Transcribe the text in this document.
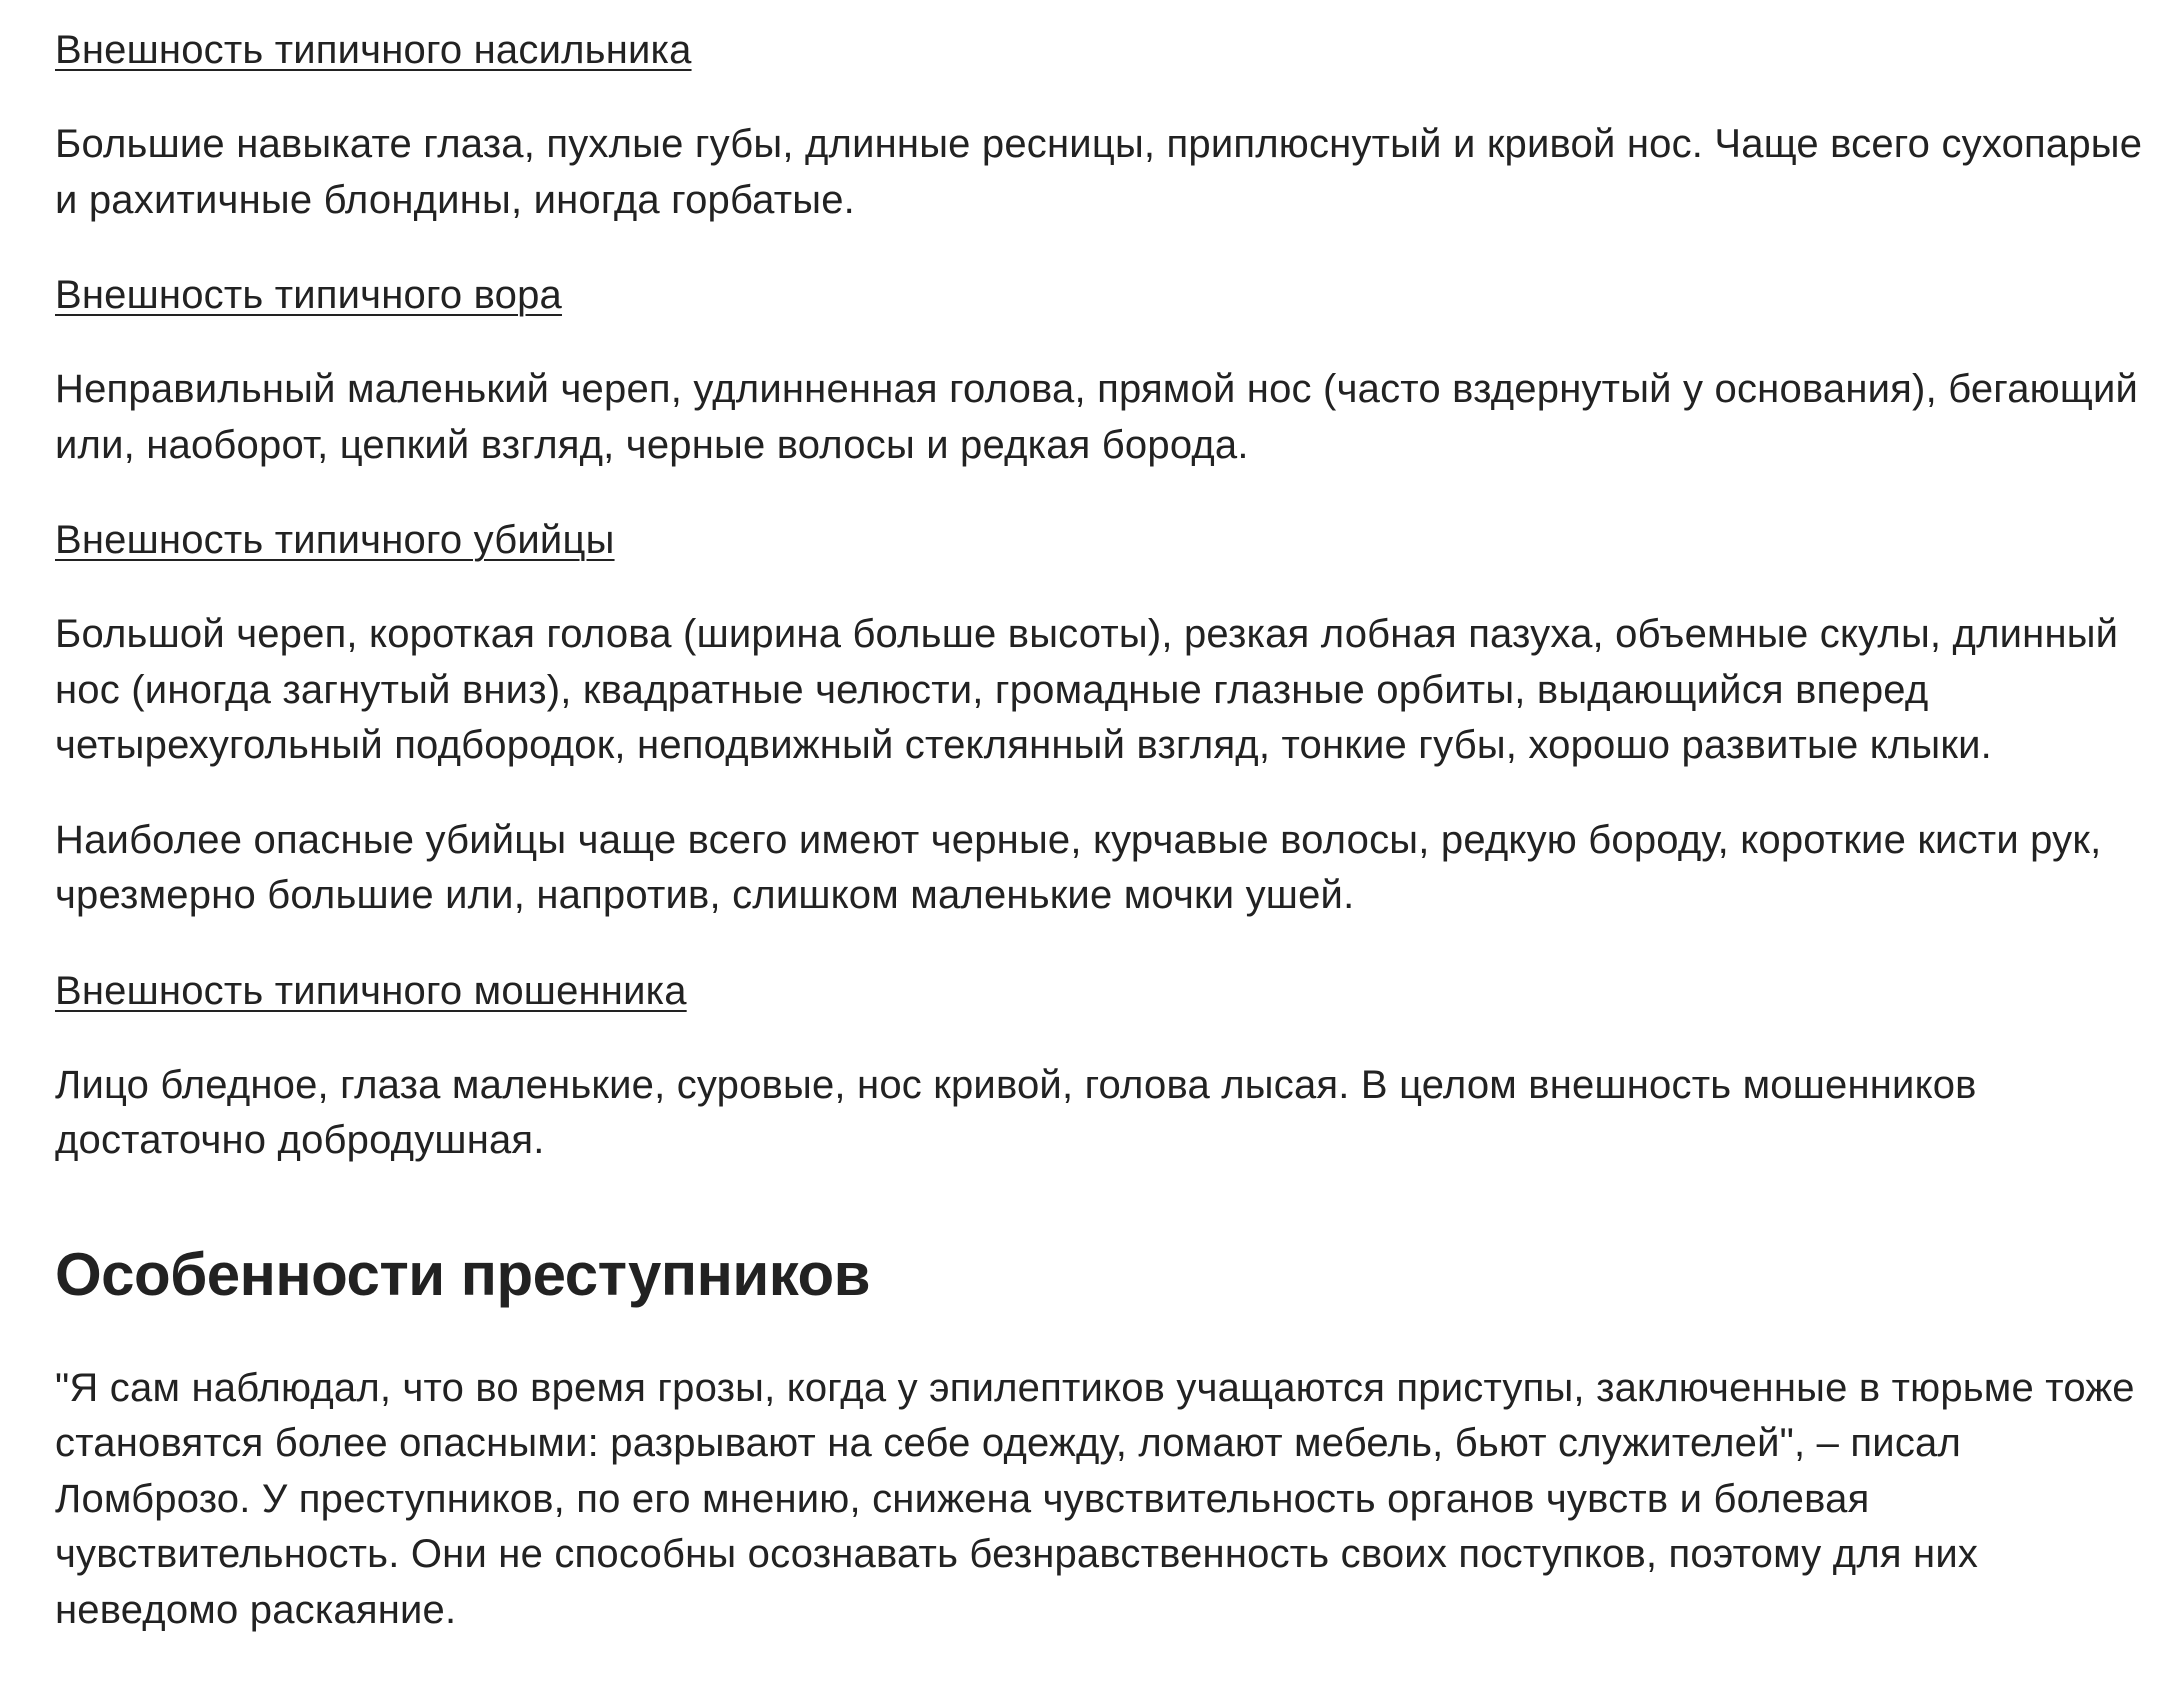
Внешность типичного насильника

Большие навыкате глаза, пухлые губы, длинные ресницы, приплюснутый и кривой нос. Чаще всего сухопарые и рахитичные блондины, иногда горбатые.

Внешность типичного вора

Неправильный маленький череп, удлинненная голова, прямой нос (часто вздернутый у основания), бегающий или, наоборот, цепкий взгляд, черные волосы и редкая борода.

Внешность типичного убийцы

Большой череп, короткая голова (ширина больше высоты), резкая лобная пазуха, объемные скулы, длинный нос (иногда загнутый вниз), квадратные челюсти, громадные глазные орбиты, выдающийся вперед четырехугольный подбородок, неподвижный стеклянный взгляд, тонкие губы, хорошо развитые клыки.

Наиболее опасные убийцы чаще всего имеют черные, курчавые волосы, редкую бороду, короткие кисти рук, чрезмерно большие или, напротив, слишком маленькие мочки ушей.

Внешность типичного мошенника

Лицо бледное, глаза маленькие, суровые, нос кривой, голова лысая. В целом внешность мошенников достаточно добродушная.

Особенности преступников

"Я сам наблюдал, что во время грозы, когда у эпилептиков учащаются приступы, заключенные в тюрьме тоже становятся более опасными: разрывают на себе одежду, ломают мебель, бьют служителей", – писал Ломброзо. У преступников, по его мнению, снижена чувствительность органов чувств и болевая чувствительность. Они не способны осознавать безнравственность своих поступков, поэтому для них неведомо раскаяние.
